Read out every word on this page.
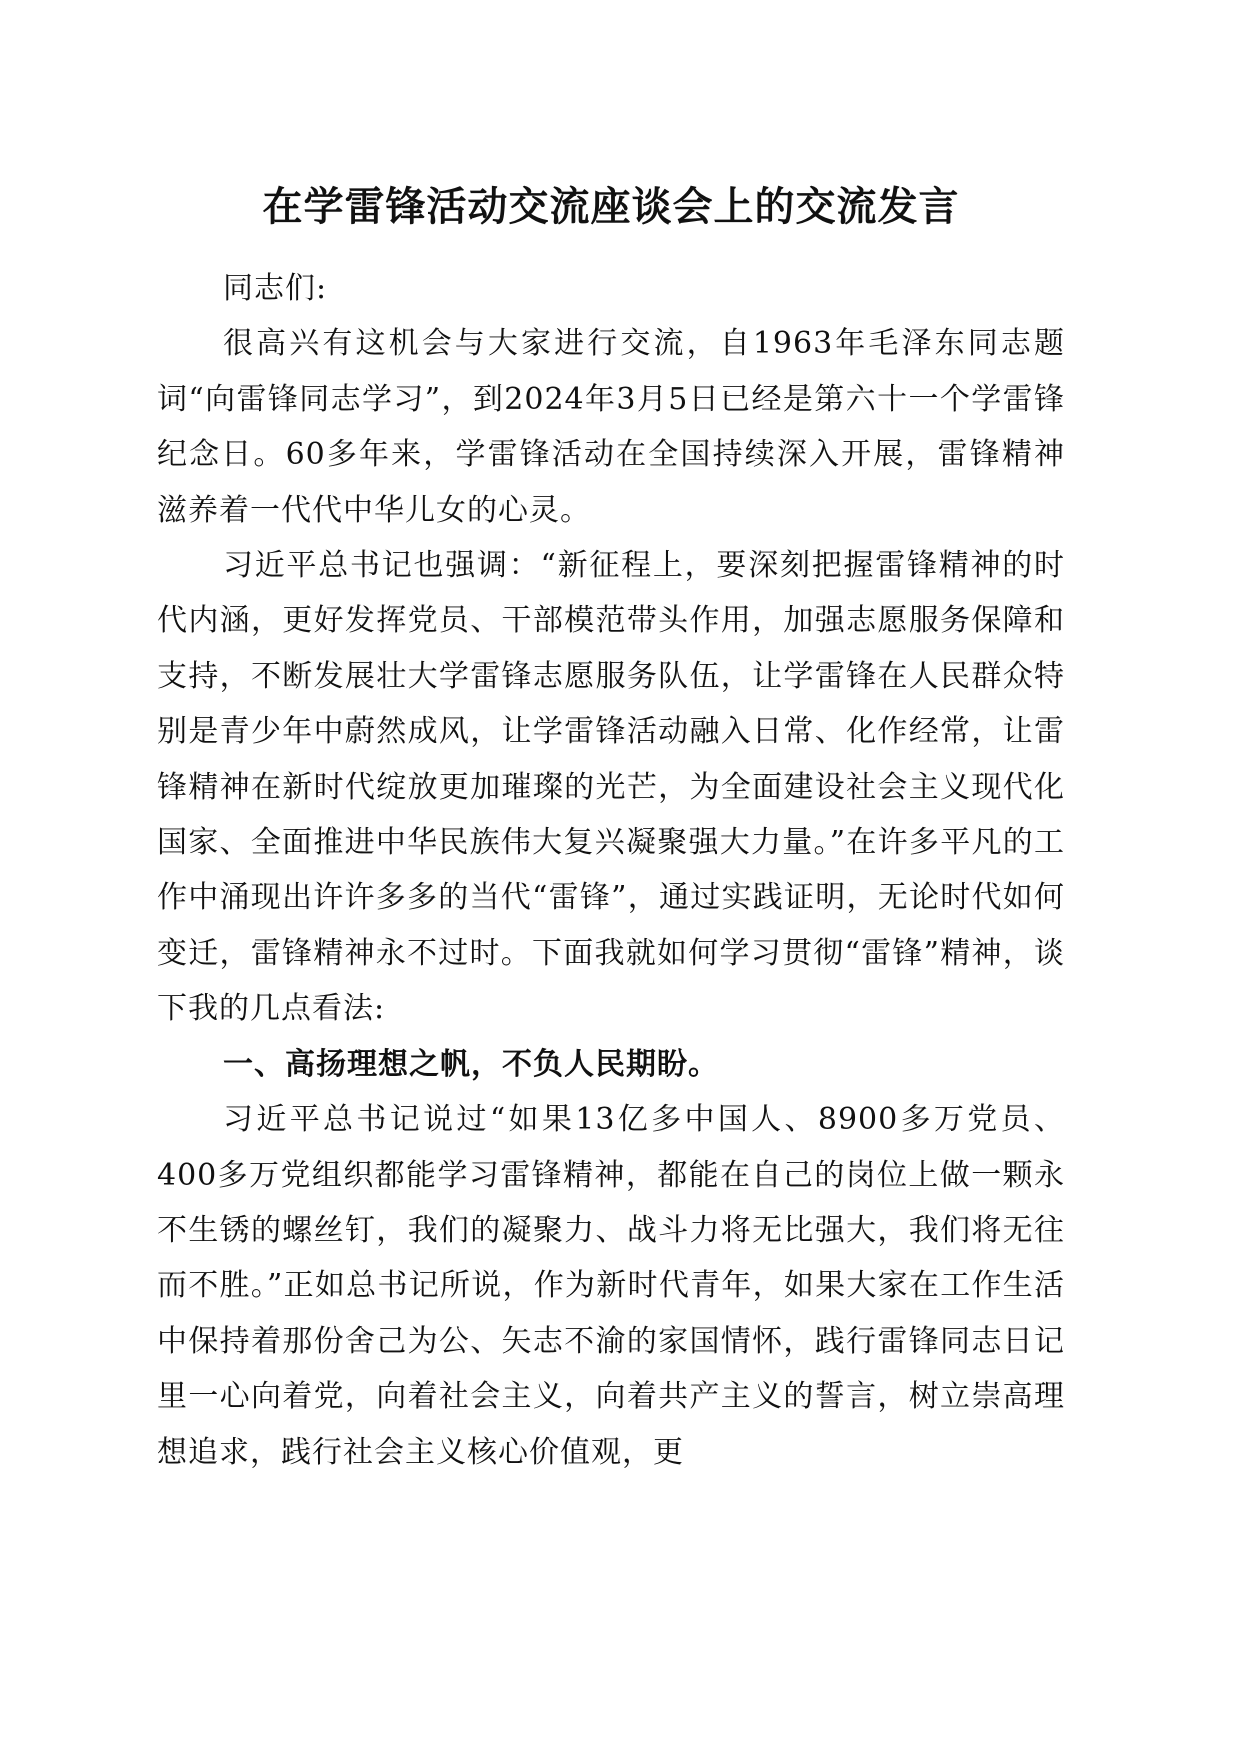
在学雷锋活动交流座谈会上的交流发言

同志们:

很高兴有这机会与大家进行交流，自1963年毛泽东同志题词“向雷锋同志学习”，到2024年3月5日已经是第六十一个学雷锋纪念日。60多年来，学雷锋活动在全国持续深入开展，雷锋精神滋养着一代代中华儿女的心灵。

习近平总书记也强调：“新征程上，要深刻把握雷锋精神的时代内涵，更好发挥党员、干部模范带头作用，加强志愿服务保障和支持，不断发展壮大学雷锋志愿服务队伍，让学雷锋在人民群众特别是青少年中蔚然成风，让学雷锋活动融入日常、化作经常，让雷锋精神在新时代绽放更加璀璨的光芒，为全面建设社会主义现代化国家、全面推进中华民族伟大复兴凝聚强大力量。”在许多平凡的工作中涌现出许许多多的当代“雷锋”，通过实践证明，无论时代如何变迁，雷锋精神永不过时。下面我就如何学习贯彻“雷锋”精神，谈下我的几点看法:

一、高扬理想之帆，不负人民期盼。

习近平总书记说过“如果13亿多中国人、8900多万党员、400多万党组织都能学习雷锋精神，都能在自己的岗位上做一颗永不生锈的螺丝钉，我们的凝聚力、战斗力将无比强大，我们将无往而不胜。”正如总书记所说，作为新时代青年，如果大家在工作生活中保持着那份舍己为公、矢志不渝的家国情怀，践行雷锋同志日记里一心向着党，向着社会主义，向着共产主义的誓言，树立崇高理想追求，践行社会主义核心价值观，更
